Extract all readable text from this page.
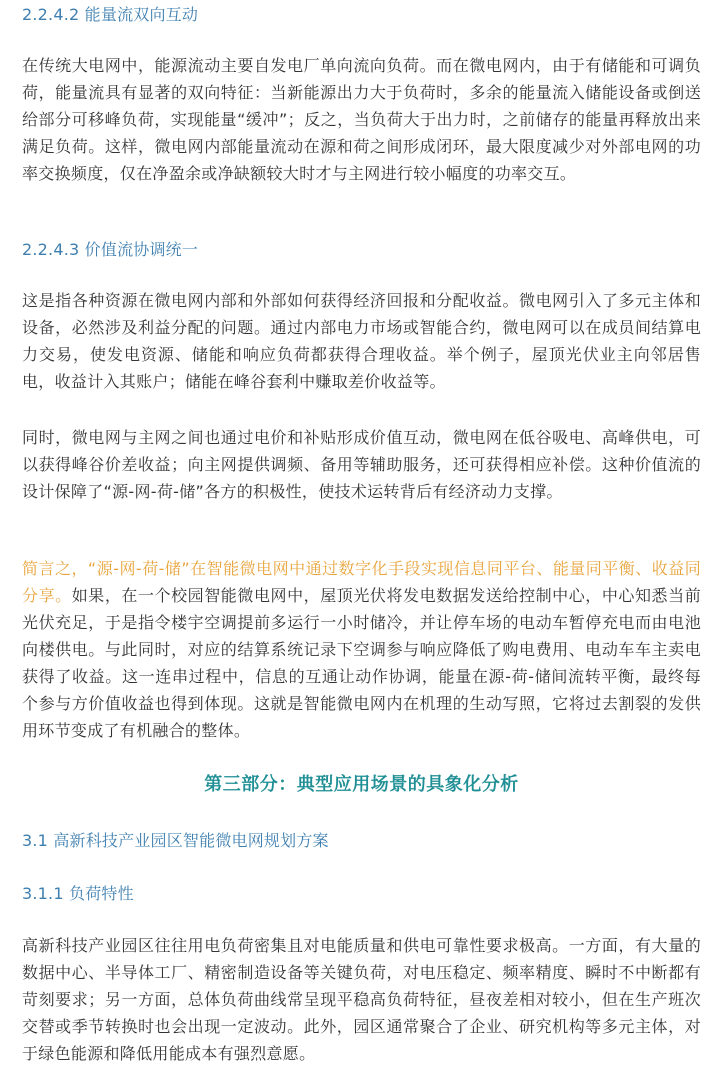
2.2.4.2 能量流双向互动

在传统大电网中，能源流动主要自发电厂单向流向负荷。而在微电网内，由于有储能和可调负荷，能量流具有显著的双向特征：当新能源出力大于负荷时，多余的能量流入储能设备或倒送给部分可移峰负荷，实现能量“缓冲”；反之，当负荷大于出力时，之前储存的能量再释放出来满足负荷。这样，微电网内部能量流动在源和荷之间形成闭环，最大限度减少对外部电网的功率交换频度，仅在净盈余或净缺额较大时才与主网进行较小幅度的功率交互。

2.2.4.3 价值流协调统一

这是指各种资源在微电网内部和外部如何获得经济回报和分配收益。微电网引入了多元主体和设备，必然涉及利益分配的问题。通过内部电力市场或智能合约，微电网可以在成员间结算电力交易，使发电资源、储能和响应负荷都获得合理收益。举个例子，屋顶光伏业主向邻居售电，收益计入其账户；储能在峰谷套利中赚取差价收益等。

同时，微电网与主网之间也通过电价和补贴形成价值互动，微电网在低谷吸电、高峰供电，可以获得峰谷价差收益；向主网提供调频、备用等辅助服务，还可获得相应补偿。这种价值流的设计保障了“源-网-荷-储”各方的积极性，使技术运转背后有经济动力支撑。

简言之，“源-网-荷-储”在智能微电网中通过数字化手段实现信息同平台、能量同平衡、收益同分享。如果，在一个校园智能微电网中，屋顶光伏将发电数据发送给控制中心，中心知悉当前光伏充足，于是指令楼宇空调提前多运行一小时储冷，并让停车场的电动车暂停充电而由电池向楼供电。与此同时，对应的结算系统记录下空调参与响应降低了购电费用、电动车车主卖电获得了收益。这一连串过程中，信息的互通让动作协调，能量在源-荷-储间流转平衡，最终每个参与方价值收益也得到体现。这就是智能微电网内在机理的生动写照，它将过去割裂的发供用环节变成了有机融合的整体。

第三部分：典型应用场景的具象化分析
3.1 高新科技产业园区智能微电网规划方案
3.1.1 负荷特性

高新科技产业园区往往用电负荷密集且对电能质量和供电可靠性要求极高。一方面，有大量的数据中心、半导体工厂、精密制造设备等关键负荷，对电压稳定、频率精度、瞬时不中断都有苛刻要求；另一方面，总体负荷曲线常呈现平稳高负荷特征，昼夜差相对较小，但在生产班次交替或季节转换时也会出现一定波动。此外，园区通常聚合了企业、研究机构等多元主体，对于绿色能源和降低用能成本有强烈意愿。
